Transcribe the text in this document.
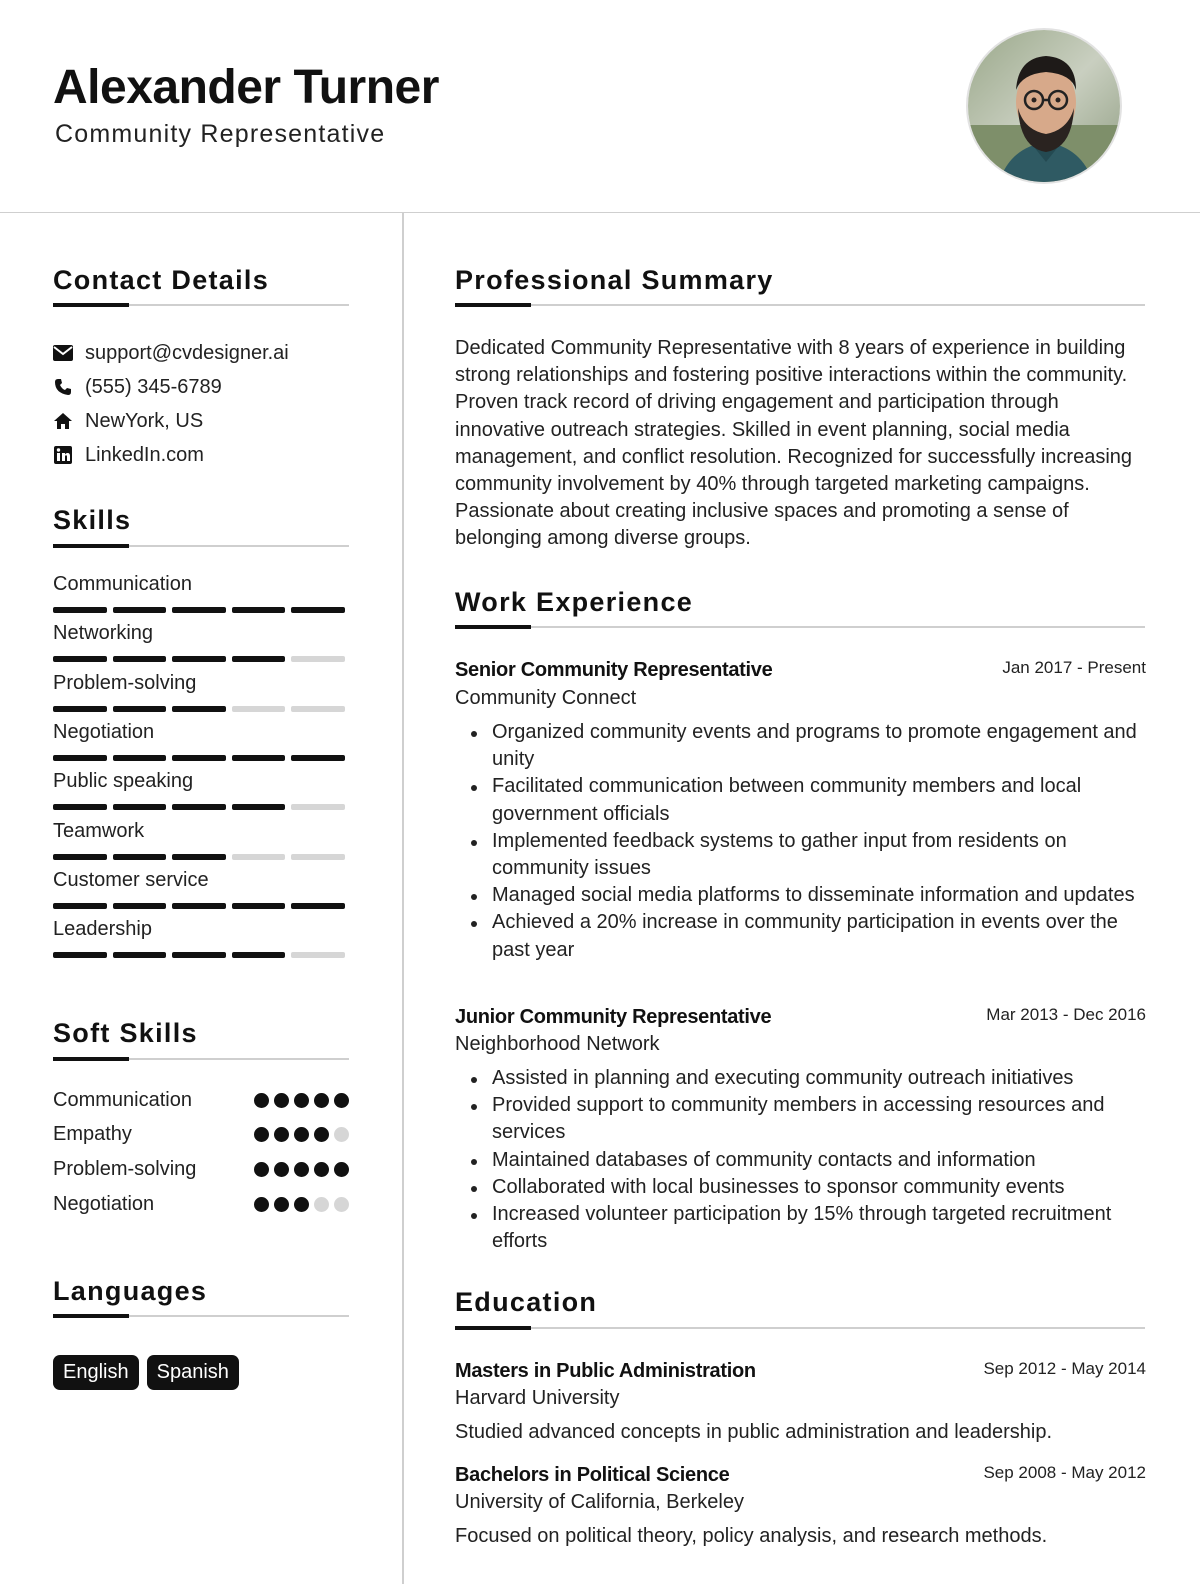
Alexander Turner
Community Representative
Contact Details
support@cvdesigner.ai
(555) 345-6789
NewYork, US
LinkedIn.com
Skills
Communication
Networking
Problem-solving
Negotiation
Public speaking
Teamwork
Customer service
Leadership
Soft Skills
Communication
Empathy
Problem-solving
Negotiation
Languages
English	Spanish
Professional Summary
Dedicated Community Representative with 8 years of experience in building strong relationships and fostering positive interactions within the community. Proven track record of driving engagement and participation through innovative outreach strategies. Skilled in event planning, social media management, and conflict resolution. Recognized for successfully increasing community involvement by 40% through targeted marketing campaigns. Passionate about creating inclusive spaces and promoting a sense of belonging among diverse groups.
Work Experience
Senior Community Representative	Jan 2017 - Present
Community Connect
Organized community events and programs to promote engagement and unity
Facilitated communication between community members and local government officials
Implemented feedback systems to gather input from residents on community issues
Managed social media platforms to disseminate information and updates
Achieved a 20% increase in community participation in events over the past year
Junior Community Representative	Mar 2013 - Dec 2016
Neighborhood Network
Assisted in planning and executing community outreach initiatives
Provided support to community members in accessing resources and services
Maintained databases of community contacts and information
Collaborated with local businesses to sponsor community events
Increased volunteer participation by 15% through targeted recruitment efforts
Education
Masters in Public Administration	Sep 2012 - May 2014
Harvard University
Studied advanced concepts in public administration and leadership.
Bachelors in Political Science	Sep 2008 - May 2012
University of California, Berkeley
Focused on political theory, policy analysis, and research methods.
